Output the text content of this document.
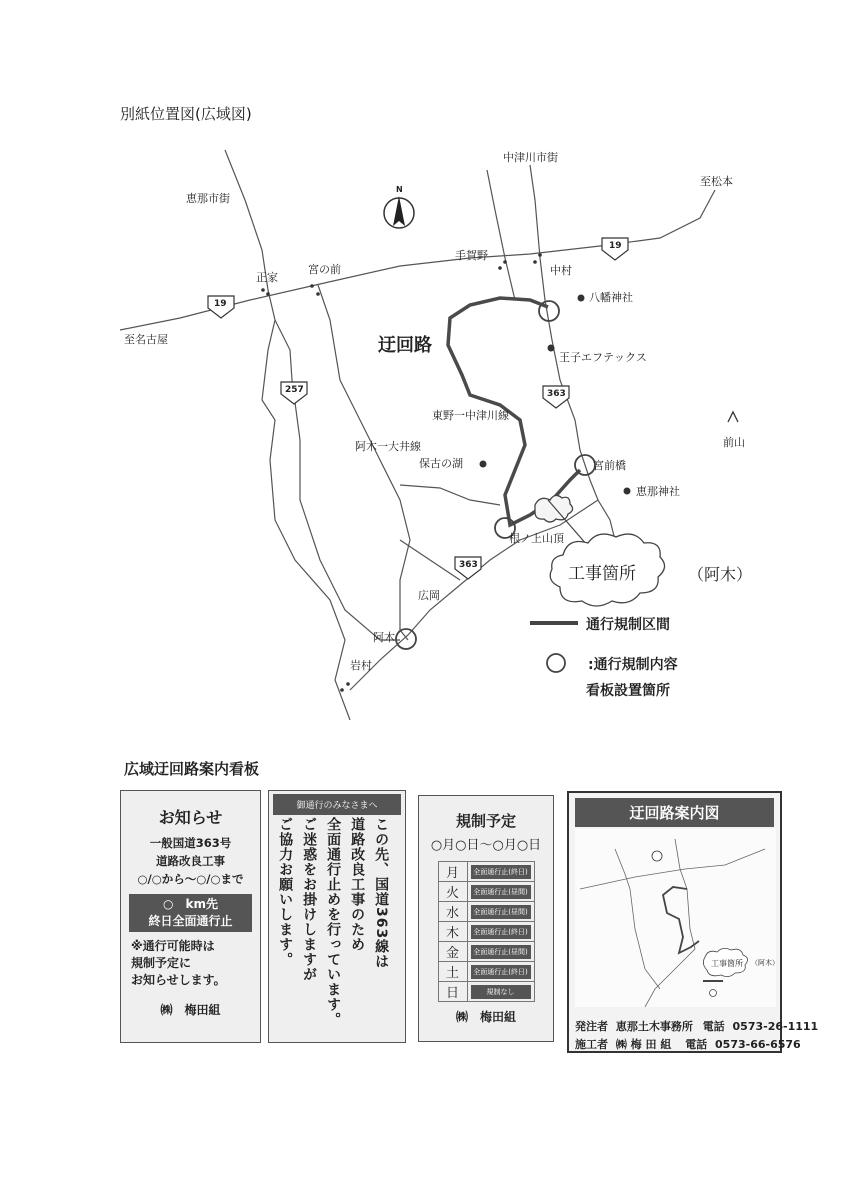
別紙位置図(広域図)
恵那市街
中津川市街
至松本
至名古屋
正家
宮の前
手賀野
中村
八幡神社
王子エフテックス
迂回路
東野一中津川線
阿木一大井線
保古の湖	宮前橋
恵那神社
前山
根ノ上山頂
広岡
阿木
岩村
工事箇所	（阿木）
19
19
257	363
363
N
通行規制区間
:通行規制内容
看板設置箇所
広域迂回路案内看板
お知らせ
一般国道363号
道路改良工事
○/○から～○/○まで
○　km先
終日全面通行止
※通行可能時は
規制予定に
お知らせします。
㈱　梅田組
御通行のみなさまへ
この先、国道363線は
道路改良工事のため
全面通行止めを行っています。
ご迷惑をお掛けしますが
ご協力お願いします。	規制予定
○月○日～○月○日
月	全面通行止(終日)

火	全面通行止(昼間)

水	全面通行止(昼間)

木	全面通行止(終日)

金	全面通行止(昼間)

土	全面通行止(終日)

日	規制なし
㈱　梅田組
迂回路案内図
工事箇所 （阿木）
発注者 恵那土木事務所 電話 0573-26-1111
施工者 ㈱ 梅 田 組 電話 0573-66-6576
